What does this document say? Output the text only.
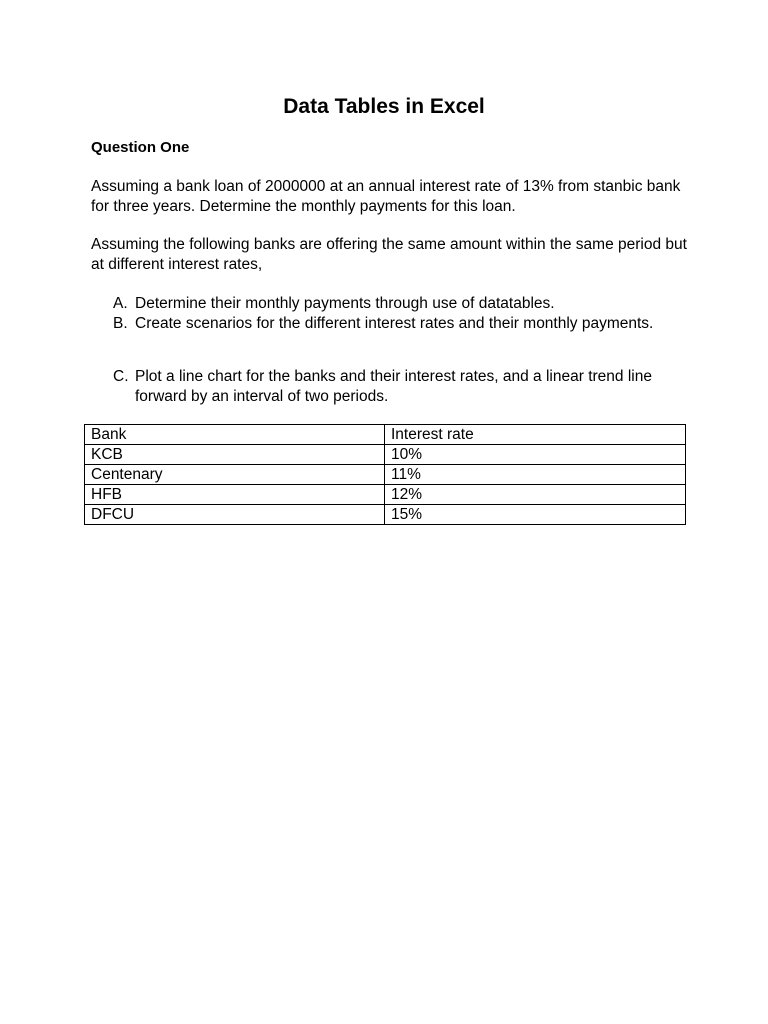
Data Tables in Excel
Question One
Assuming a bank loan of 2000000 at an annual interest rate of 13% from stanbic bank for three years. Determine the monthly payments for this loan.
Assuming the following banks are offering the same amount within the same period but at different interest rates,
A. Determine their monthly payments through use of datatables.
B. Create scenarios for the different interest rates and their monthly payments.
C. Plot a line chart for the banks and their interest rates, and a linear trend line forward by an interval of two periods.
Bank	Interest rate
KCB	10%
Centenary	11%
HFB	12%
DFCU	15%
